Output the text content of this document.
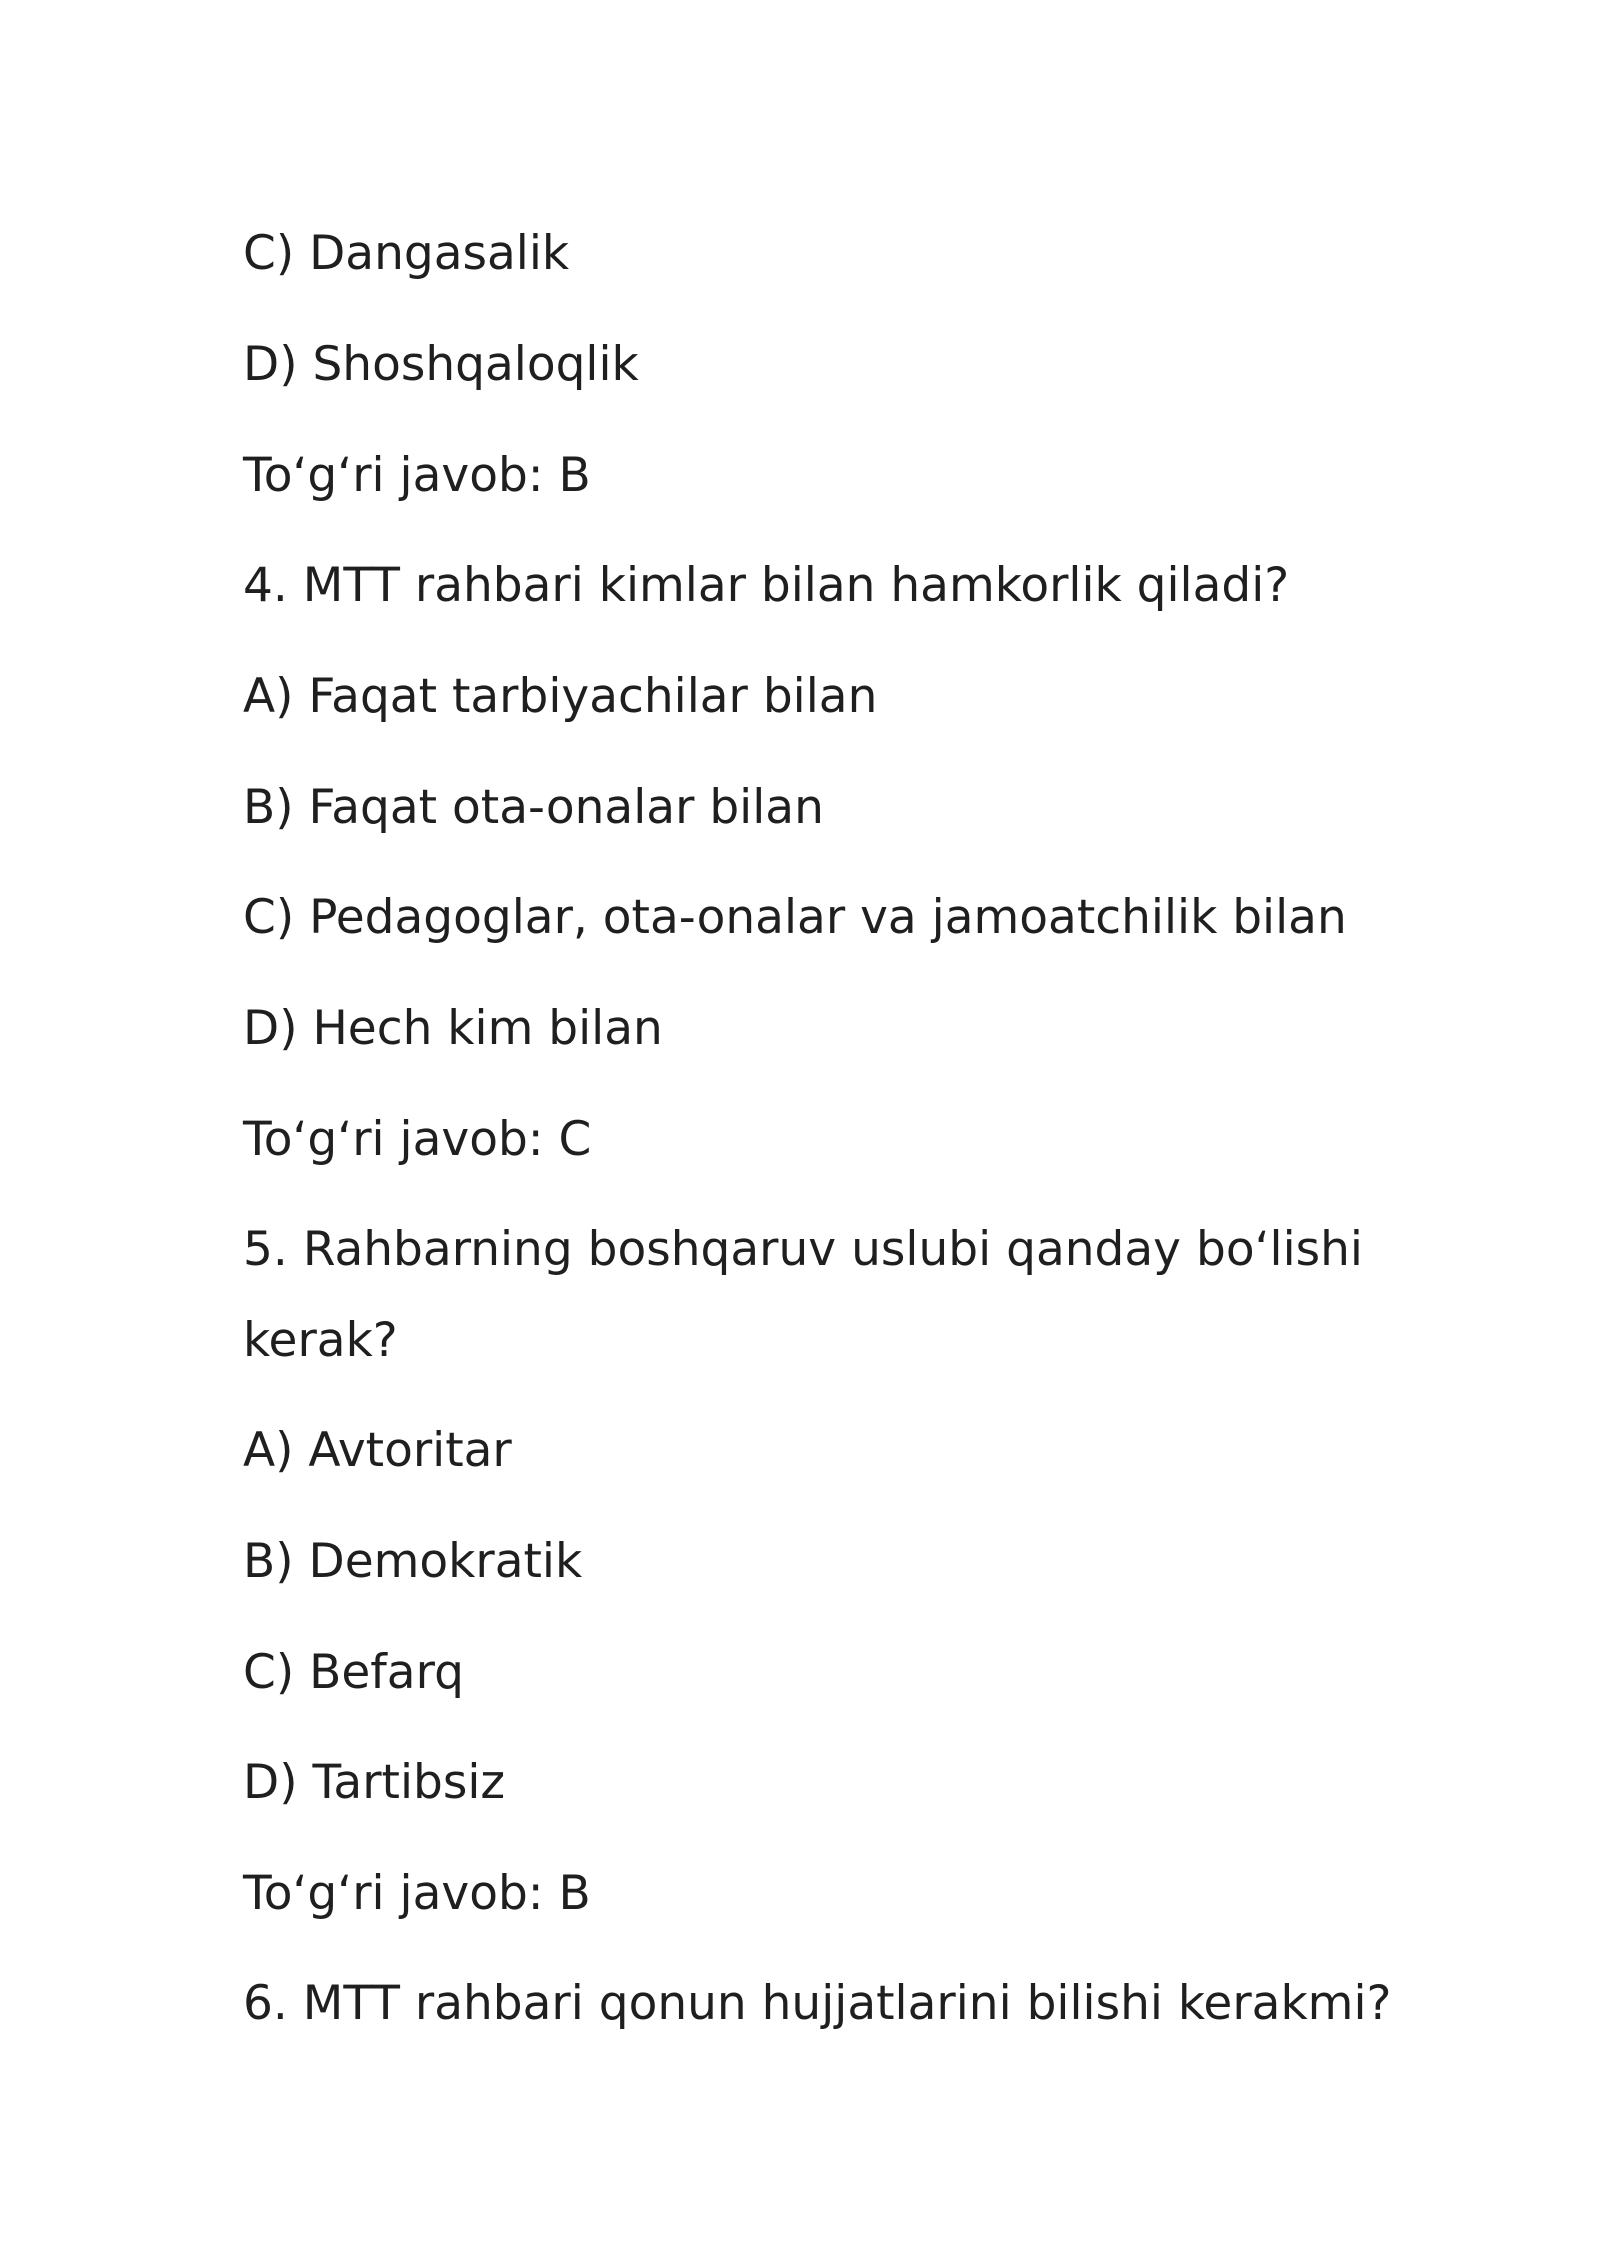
C) Dangasalik

D) Shoshqaloqlik

To‘g‘ri javob: B

4. MTT rahbari kimlar bilan hamkorlik qiladi?

A) Faqat tarbiyachilar bilan

B) Faqat ota-onalar bilan

C) Pedagoglar, ota-onalar va jamoatchilik bilan

D) Hech kim bilan

To‘g‘ri javob: C

5. Rahbarning boshqaruv uslubi qanday bo‘lishi

kerak?

A) Avtoritar

B) Demokratik

C) Befarq

D) Tartibsiz

To‘g‘ri javob: B

6. MTT rahbari qonun hujjatlarini bilishi kerakmi?
